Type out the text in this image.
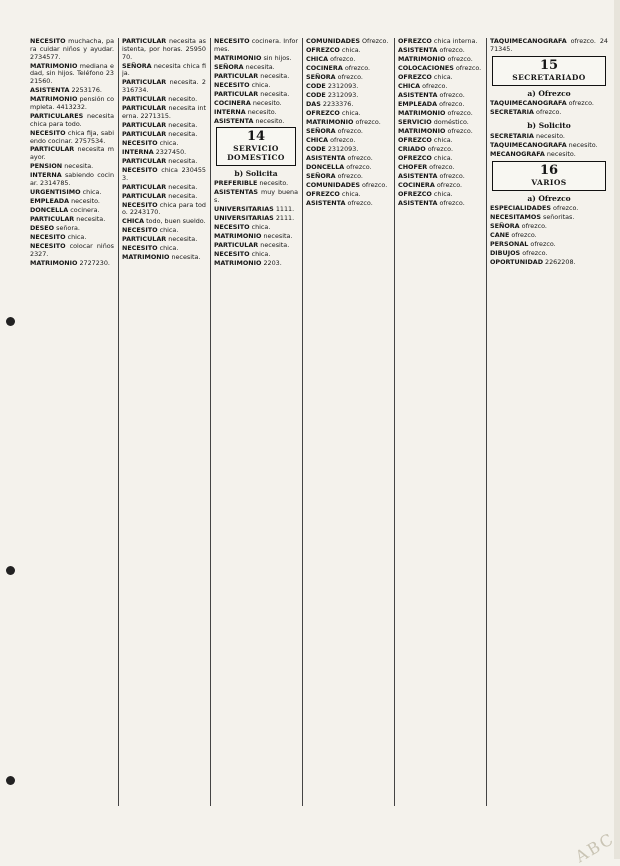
NECESITO muchacha, para cuidar niños y ayudar. 2734577.

MATRIMONIO mediana edad, sin hijos. Teléfono 2321560.

ASISTENTA 2253176.

MATRIMONIO pensión completa. 4413232.

PARTICULARES necesita chica para todo.

NECESITO chica fija, sabiendo cocinar. 2757534.

PARTICULAR necesita mayor.

PENSION necesita.

INTERNA sabiendo cocinar. 2314785.

URGENTISIMO chica.

EMPLEADA necesito.

DONCELLA cocinera.

PARTICULAR necesita.

DESEO señora.

NECESITO chica.

NECESITO colocar niños 2327.

MATRIMONIO 2727230.

PARTICULAR necesita asistenta, por horas. 2595070.

SEÑORA necesita chica fija.

PARTICULAR necesita. 2316734.

PARTICULAR necesito.

PARTICULAR necesita interna. 2271315.

PARTICULAR necesita.

PARTICULAR necesita.

NECESITO chica.

INTERNA 2327450.

PARTICULAR necesita.

NECESITO chica 2304553.

PARTICULAR necesita.

PARTICULAR necesita.

NECESITO chica para todo. 2243170.

CHICA todo, buen sueldo.

NECESITO chica.

PARTICULAR necesita.

NECESITO chica.

MATRIMONIO necesita.

NECESITO cocinera. Informes.

MATRIMONIO sin hijos.

SEÑORA necesita.

PARTICULAR necesita.

NECESITO chica.

PARTICULAR necesita.

COCINERA necesito.

INTERNA necesito.

ASISTENTA necesito.

14
SERVICIO DOMESTICO
b) Solicita

PREFERIBLE necesito.

ASISTENTAS muy buenas.

UNIVERSITARIAS 1111.

UNIVERSITARIAS 2111.

NECESITO chica.

MATRIMONIO necesita.

PARTICULAR necesita.

NECESITO chica.

MATRIMONIO 2203.

COMUNIDADES Ofrezco.

OFREZCO chica.

CHICA ofrezco.

COCINERA ofrezco.

SEÑORA ofrezco.

CODE 2312093.

CODE 2312093.

DAS 2233376.

OFREZCO chica.

MATRIMONIO ofrezco.

SEÑORA ofrezco.

CHICA ofrezco.

CODE 2312093.

ASISTENTA ofrezco.

DONCELLA ofrezco.

SEÑORA ofrezco.

COMUNIDADES ofrezco.

OFREZCO chica.

ASISTENTA ofrezco.

OFREZCO chica interna.

ASISTENTA ofrezco.

MATRIMONIO ofrezco.

COLOCACIONES ofrezco.

OFREZCO chica.

CHICA ofrezco.

ASISTENTA ofrezco.

EMPLEADA ofrezco.

MATRIMONIO ofrezco.

SERVICIO doméstico.

MATRIMONIO ofrezco.

OFREZCO chica.

CRIADO ofrezco.

OFREZCO chica.

CHOFER ofrezco.

ASISTENTA ofrezco.

COCINERA ofrezco.

OFREZCO chica.

ASISTENTA ofrezco.

TAQUIMECANOGRAFA ofrezco. 2471345.

15
SECRETARIADO
a) Ofrezco

TAQUIMECANOGRAFA ofrezco.

SECRETARIA ofrezco.

b) Solicito

SECRETARIA necesito.

TAQUIMECANOGRAFA necesito.

MECANOGRAFA necesito.

16
VARIOS
a) Ofrezco

ESPECIALIDADES ofrezco.

NECESITAMOS señoritas.

SEÑORA ofrezco.

CANE ofrezco.

PERSONAL ofrezco.

DIBUJOS ofrezco.

OPORTUNIDAD 2262208.

ABC
